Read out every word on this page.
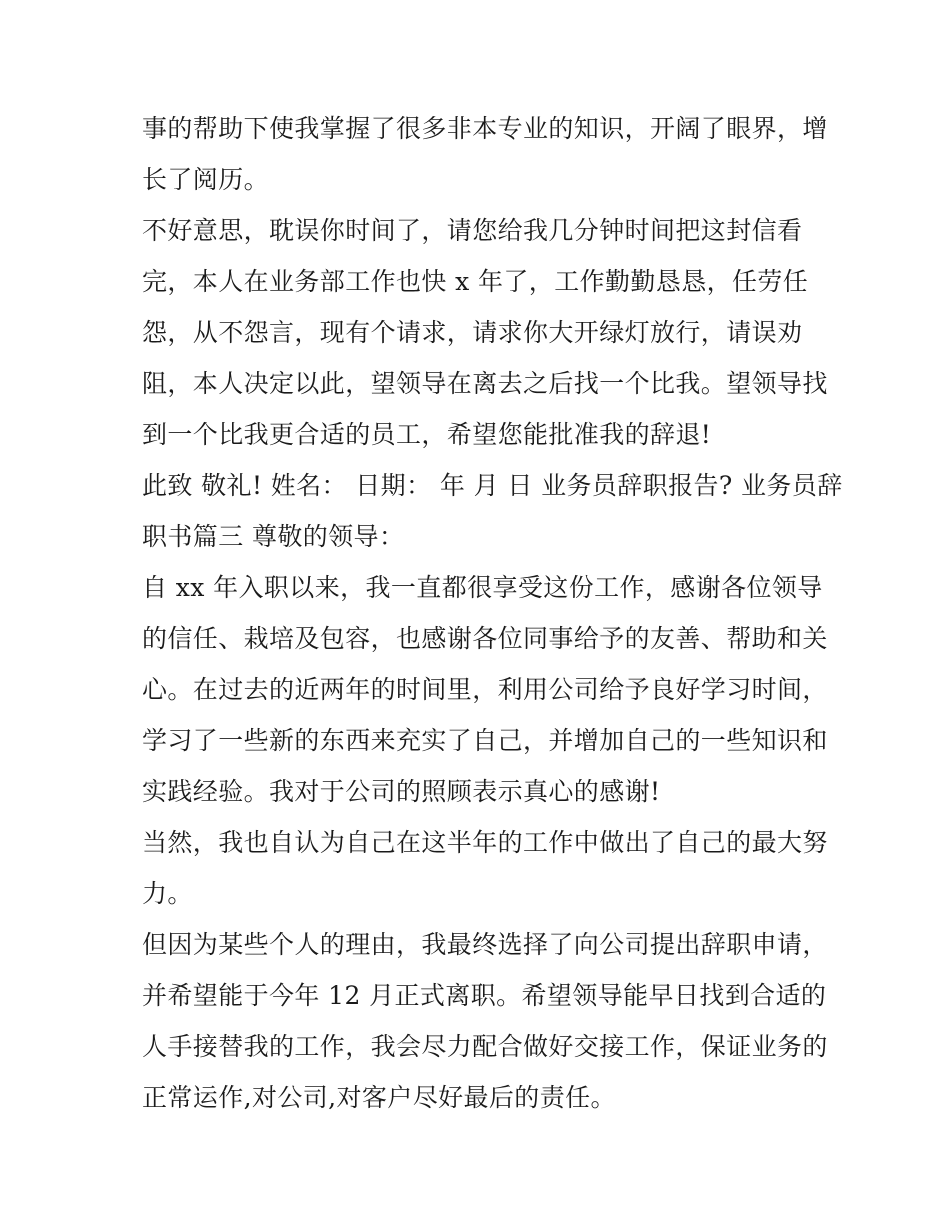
事的帮助下使我掌握了很多非本专业的知识，开阔了眼界，增
长了阅历。
不好意思，耽误你时间了，请您给我几分钟时间把这封信看
完，本人在业务部工作也快 x 年了，工作勤勤恳恳，任劳任
怨，从不怨言，现有个请求，请求你大开绿灯放行，请误劝
阻，本人决定以此，望领导在离去之后找一个比我。望领导找
到一个比我更合适的员工，希望您能批准我的辞退!
此致 敬礼! 姓名： 日期： 年 月 日 业务员辞职报告? 业务员辞
职书篇三 尊敬的领导：
自 xx 年入职以来，我一直都很享受这份工作，感谢各位领导
的信任、栽培及包容，也感谢各位同事给予的友善、帮助和关
心。在过去的近两年的时间里，利用公司给予良好学习时间，
学习了一些新的东西来充实了自己，并增加自己的一些知识和
实践经验。我对于公司的照顾表示真心的感谢!
当然，我也自认为自己在这半年的工作中做出了自己的最大努
力。
但因为某些个人的理由，我最终选择了向公司提出辞职申请，
并希望能于今年 12 月正式离职。希望领导能早日找到合适的
人手接替我的工作，我会尽力配合做好交接工作，保证业务的
正常运作,对公司,对客户尽好最后的责任。
